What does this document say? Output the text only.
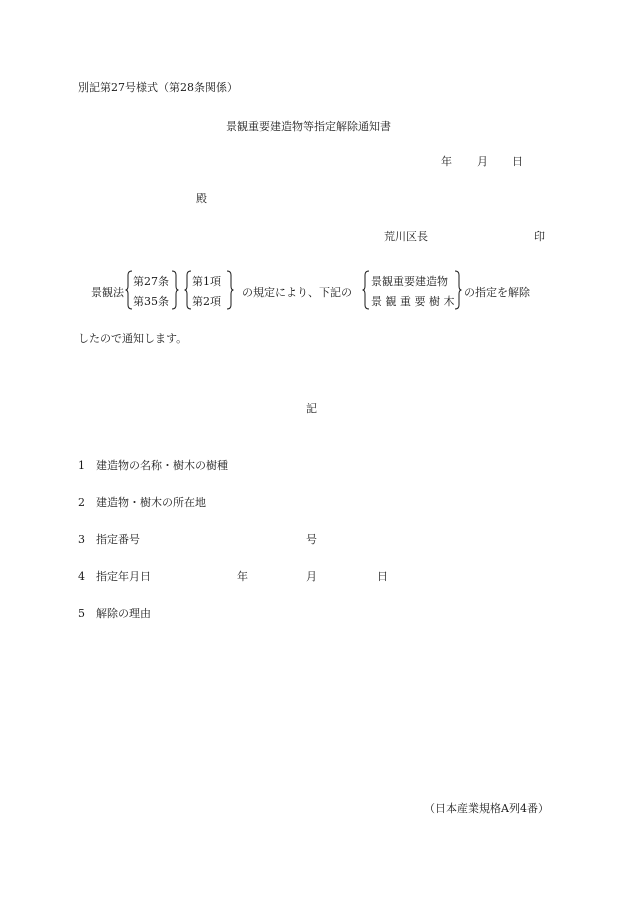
別記第27号様式（第28条関係）
景観重要建造物等指定解除通知書
年 月 日
殿
荒川区長	印
景観法
第27条
第35条
第1項
第2項
の規定により、下記の
景観重要建造物
景 観 重 要 樹 木
の指定を解除
したので通知します。
記
1 建造物の名称・樹木の樹種
2 建造物・樹木の所在地
3 指定番号	号
4 指定年月日	年	月	日
5 解除の理由
（日本産業規格A列4番）
